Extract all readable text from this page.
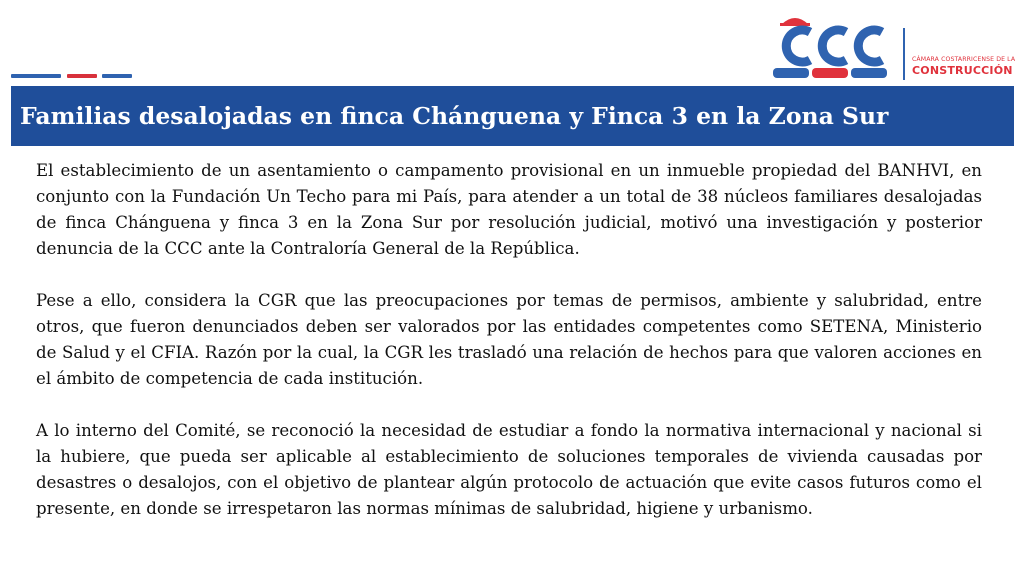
CÁMARA COSTARRICENSE DE LA
CONSTRUCCIÓN
Familias desalojadas en finca Chánguena y Finca 3 en la Zona Sur

El establecimiento de un asentamiento o campamento provisional en un inmueble propiedad del BANHVI, en conjunto con la Fundación Un Techo para mi País, para atender a un total de 38 núcleos familiares desalojadas de finca Chánguena y finca 3 en la Zona Sur por resolución judicial, motivó una investigación y posterior denuncia de la CCC ante la Contraloría General de la República.

Pese a ello, considera la CGR que las preocupaciones por temas de permisos, ambiente y salubridad, entre otros, que fueron denunciados deben ser valorados por las entidades competentes como SETENA, Ministerio de Salud y el CFIA. Razón por la cual, la CGR les trasladó una relación de hechos para que valoren acciones en el ámbito de competencia de cada institución.

A lo interno del Comité, se reconoció la necesidad de estudiar a fondo la normativa internacional y nacional si la hubiere, que pueda ser aplicable al establecimiento de soluciones temporales de vivienda causadas por desastres o desalojos, con el objetivo de plantear algún protocolo de actuación que evite casos futuros como el presente, en donde se irrespetaron las normas mínimas de salubridad, higiene y urbanismo.
